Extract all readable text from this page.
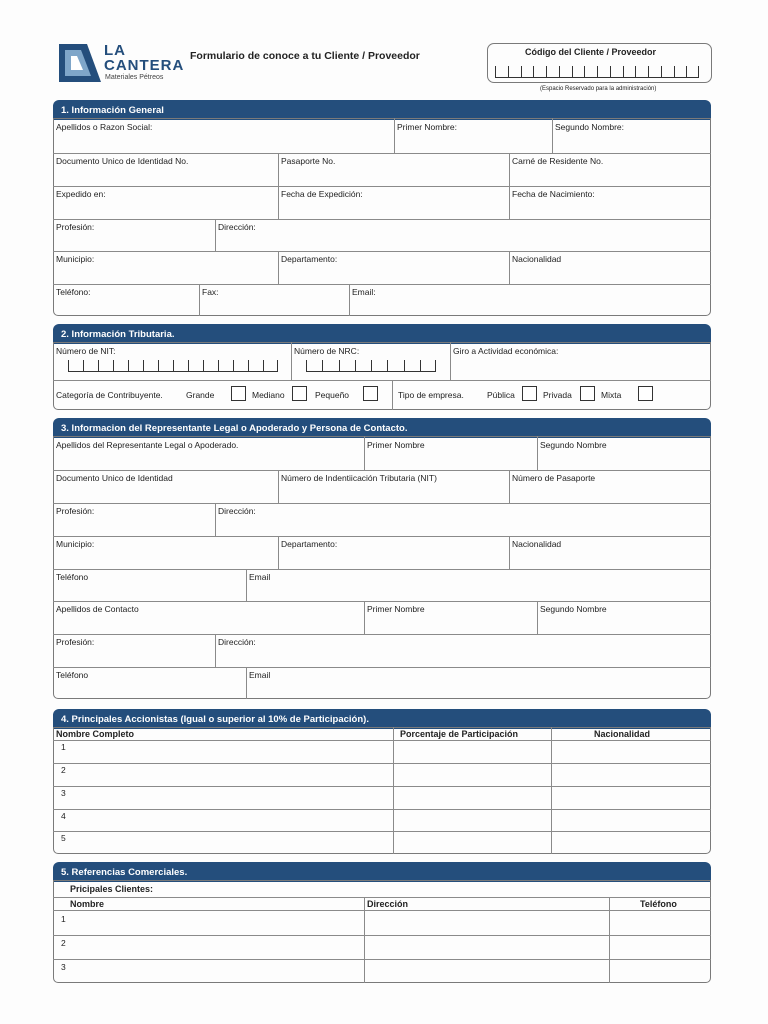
LA
CANTERA
Materiales Pétreos
Formulario de conoce a tu Cliente / Proveedor	Código del Cliente / Proveedor
(Espacio Reservado para la administración)
1. Información General
Apellidos o Razon Social:	Primer Nombre:	Segundo Nombre:
Documento Unico de Identidad No.	Pasaporte No.	Carné de Residente No.
Expedido en:	Fecha de Expedición:	Fecha de Nacimiento:
Profesión:	Dirección:
Municipio:	Departamento:	Nacionalidad
Teléfono:	Fax:	Email:
2. Información Tributaria.
Número de NIT:	Número de NRC:	Giro a Actividad económica:
Categoría de Contribuyente.	Grande	Mediano	Pequeño	Tipo de empresa.	Pública	Privada	Mixta
3. Informacion del Representante Legal o Apoderado y Persona de Contacto.
Apellidos del Representante Legal o Apoderado.	Primer Nombre	Segundo Nombre
Documento Unico de Identidad	Número de Indentiicación Tributaria (NIT)	Número de Pasaporte
Profesión:	Dirección:
Municipio:	Departamento:	Nacionalidad
Teléfono	Email
Apellidos de Contacto	Primer Nombre	Segundo Nombre
Profesión:	Dirección:
Teléfono	Email
4. Principales Accionistas (Igual o superior al 10% de Participación).
Nombre Completo	Porcentaje de Participación	Nacionalidad
1
2
3
4
5
5. Referencias Comerciales.
Pricipales Clientes:
Nombre	Dirección	Teléfono
1
2
3
